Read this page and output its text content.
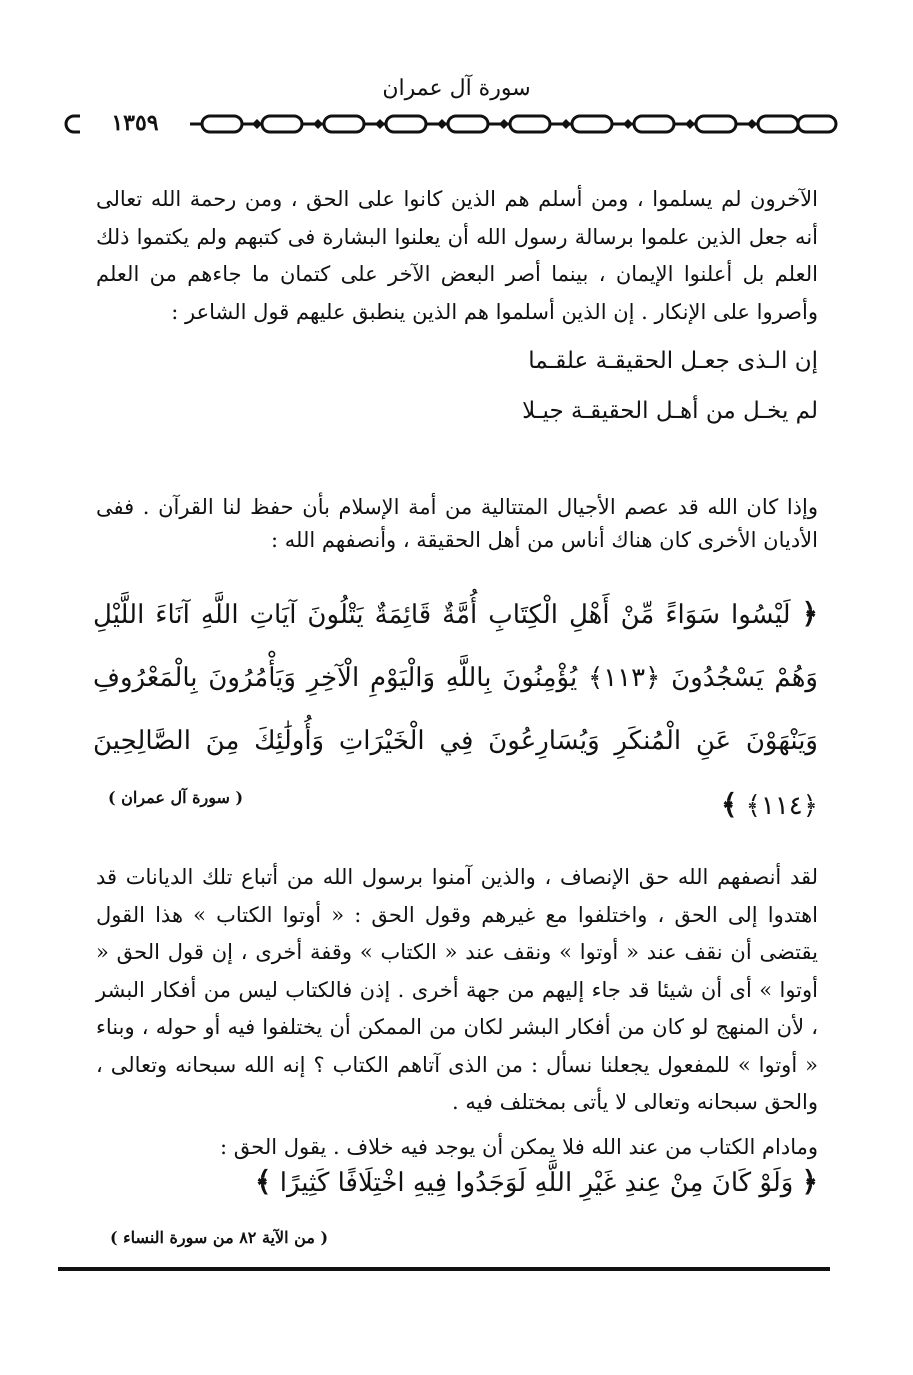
سورة آل عمران
١٣٥٩

الآخرون لم يسلموا ، ومن أسلم هم الذين كانوا على الحق ، ومن رحمة الله تعالى أنه جعل الذين علموا برسالة رسول الله أن يعلنوا البشارة فى كتبهم ولم يكتموا ذلك العلم بل أعلنوا الإيمان ، بينما أصر البعض الآخر على كتمان ما جاءهم من العلم وأصروا على الإنكار . إن الذين أسلموا هم الذين ينطبق عليهم قول الشاعر :

إن الـذى جعـل الحقيقـة علقـما
لم يخـل من أهـل الحقيقـة جيـلا

وإذا كان الله قد عصم الأجيال المتتالية من أمة الإسلام بأن حفظ لنا القرآن . ففى الأديان الأخرى كان هناك أناس من أهل الحقيقة ، وأنصفهم الله :

﴿ لَيْسُوا سَوَاءً مِّنْ أَهْلِ الْكِتَابِ أُمَّةٌ قَائِمَةٌ يَتْلُونَ آيَاتِ اللَّهِ آنَاءَ اللَّيْلِ وَهُمْ يَسْجُدُونَ ﴿١١٣﴾ يُؤْمِنُونَ بِاللَّهِ وَالْيَوْمِ الْآخِرِ وَيَأْمُرُونَ بِالْمَعْرُوفِ وَيَنْهَوْنَ عَنِ الْمُنكَرِ وَيُسَارِعُونَ فِي الْخَيْرَاتِ وَأُولَٰئِكَ مِنَ الصَّالِحِينَ ﴿١١٤﴾ ﴾
( سورة آل عمران )

لقد أنصفهم الله حق الإنصاف ، والذين آمنوا برسول الله من أتباع تلك الديانات قد اهتدوا إلى الحق ، واختلفوا مع غيرهم وقول الحق : « أوتوا الكتاب » هذا القول يقتضى أن نقف عند « أوتوا » ونقف عند « الكتاب » وقفة أخرى ، إن قول الحق « أوتوا » أى أن شيئا قد جاء إليهم من جهة أخرى . إذن فالكتاب ليس من أفكار البشر ، لأن المنهج لو كان من أفكار البشر لكان من الممكن أن يختلفوا فيه أو حوله ، وبناء « أوتوا » للمفعول يجعلنا نسأل : من الذى آتاهم الكتاب ؟ إنه الله سبحانه وتعالى ، والحق سبحانه وتعالى لا يأتى بمختلف فيه .

ومادام الكتاب من عند الله فلا يمكن أن يوجد فيه خلاف . يقول الحق :

﴿ وَلَوْ كَانَ مِنْ عِندِ غَيْرِ اللَّهِ لَوَجَدُوا فِيهِ اخْتِلَافًا كَثِيرًا ﴾
( من الآية ٨٢ من سورة النساء )
